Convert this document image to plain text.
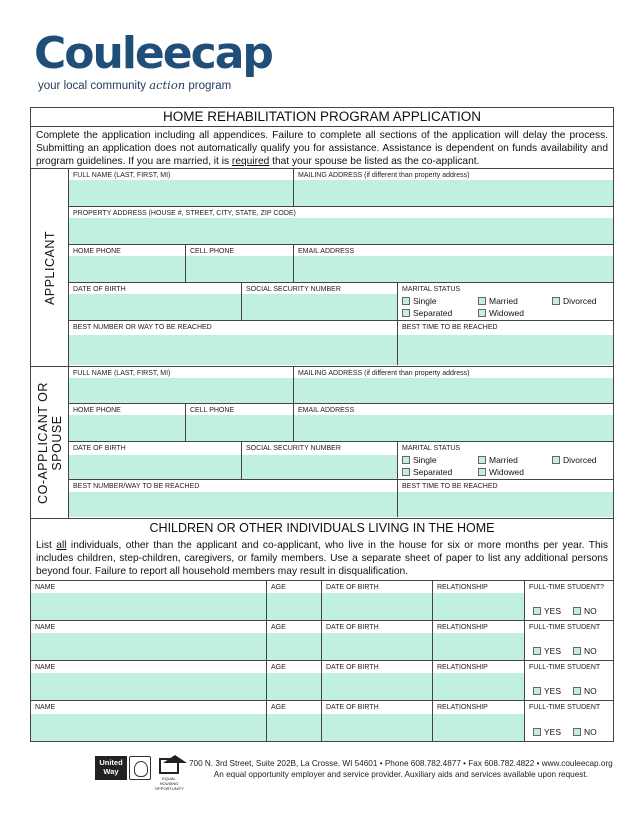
Couleecap
your local community action program
HOME REHABILITATION PROGRAM APPLICATION
Complete the application including all appendices. Failure to complete all sections of the application will delay the process. Submitting an application does not automatically qualify you for assistance. Assistance is dependent on funds availability and program guidelines. If you are married, it is required that your spouse be listed as the co-applicant.
APPLICANT
FULL NAME (LAST, FIRST, MI)	MAILING ADDRESS (if different than property address)
PROPERTY ADDRESS (HOUSE #, STREET, CITY, STATE, ZIP CODE)
HOME PHONE	CELL PHONE	EMAIL ADDRESS
DATE OF BIRTH	SOCIAL SECURITY NUMBER	MARITAL STATUS
Single	Married	Divorced
Separated	Widowed
BEST NUMBER OR WAY TO BE REACHED	BEST TIME TO BE REACHED
CO-APPLICANT OR
SPOUSE
FULL NAME (LAST, FIRST, MI)	MAILING ADDRESS (if different than property address)
HOME PHONE	CELL PHONE	EMAIL ADDRESS
DATE OF BIRTH	SOCIAL SECURITY NUMBER	MARITAL STATUS
Single	Married	Divorced
Separated	Widowed
BEST NUMBER/WAY TO BE REACHED	BEST TIME TO BE REACHED
CHILDREN OR OTHER INDIVIDUALS LIVING IN THE HOME
List all individuals, other than the applicant and co-applicant, who live in the house for six or more months per year. This includes children, step-children, caregivers, or family members. Use a separate sheet of paper to list any additional persons beyond four. Failure to report all household members may result in disqualification.
NAME	AGE	DATE OF BIRTH	RELATIONSHIP	FULL-TIME STUDENT?
YES	NO
NAME	AGE	DATE OF BIRTH	RELATIONSHIP	FULL-TIME STUDENT
YES	NO
NAME	AGE	DATE OF BIRTH	RELATIONSHIP	FULL-TIME STUDENT
YES	NO
NAME	AGE	DATE OF BIRTH	RELATIONSHIP	FULL-TIME STUDENT
YES	NO
United
Way
EQUAL HOUSING OPPORTUNITY
700 N. 3rd Street, Suite 202B, La Crosse, WI 54601 • Phone 608.782.4877 • Fax 608.782.4822 • www.couleecap.org
An equal opportunity employer and service provider. Auxiliary aids and services available upon request.
